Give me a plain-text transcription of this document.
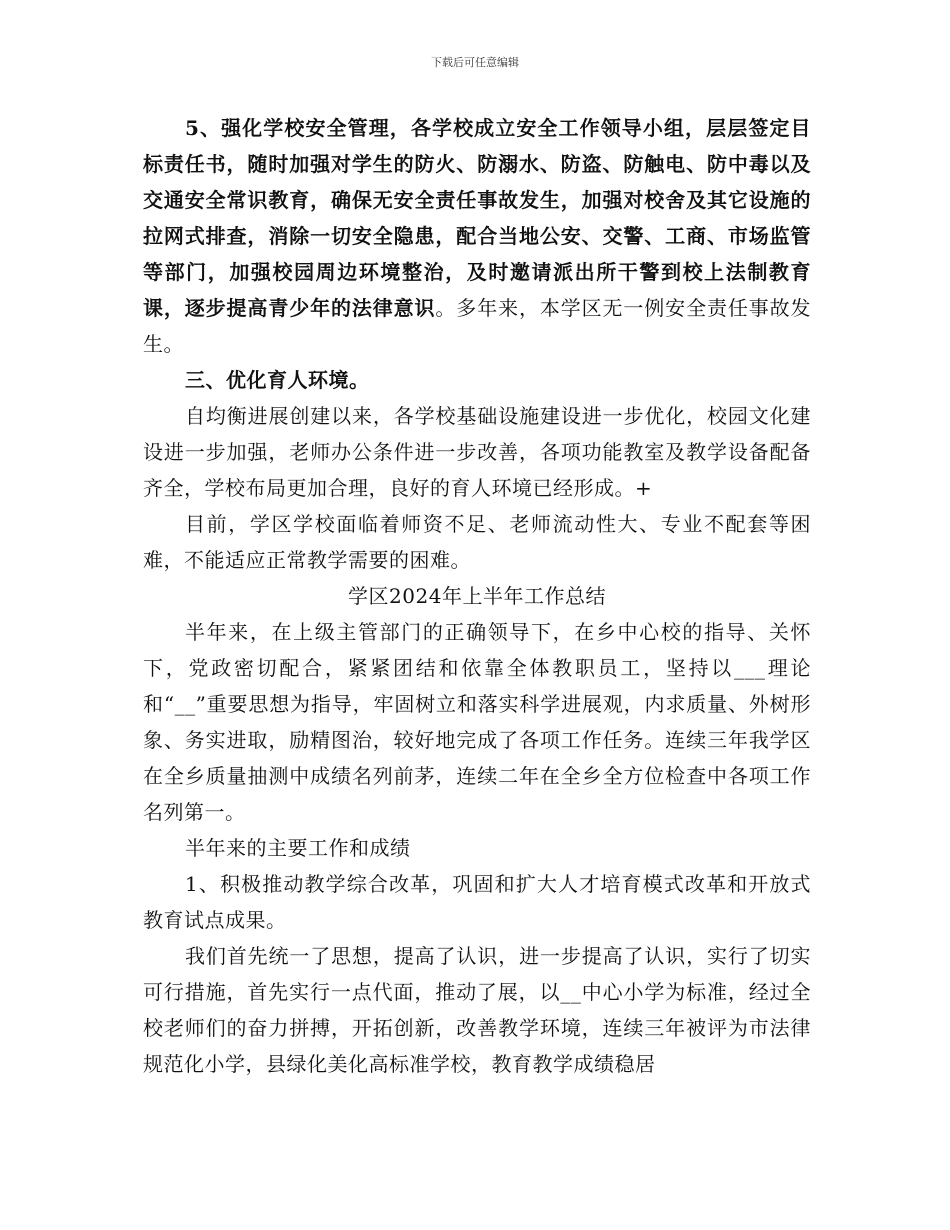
下载后可任意编辑

5、强化学校安全管理，各学校成立安全工作领导小组，层层签定目标责任书，随时加强对学生的防火、防溺水、防盗、防触电、防中毒以及交通安全常识教育，确保无安全责任事故发生，加强对校舍及其它设施的拉网式排查，消除一切安全隐患，配合当地公安、交警、工商、市场监管等部门，加强校园周边环境整治，及时邀请派出所干警到校上法制教育课，逐步提高青少年的法律意识。多年来，本学区无一例安全责任事故发生。

三、优化育人环境。

自均衡进展创建以来，各学校基础设施建设进一步优化，校园文化建设进一步加强，老师办公条件进一步改善，各项功能教室及教学设备配备齐全，学校布局更加合理，良好的育人环境已经形成。+

目前，学区学校面临着师资不足、老师流动性大、专业不配套等困难，不能适应正常教学需要的困难。

学区2024年上半年工作总结

半年来，在上级主管部门的正确领导下，在乡中心校的指导、关怀下，党政密切配合，紧紧团结和依靠全体教职员工，坚持以___理论和“__”重要思想为指导，牢固树立和落实科学进展观，内求质量、外树形象、务实进取，励精图治，较好地完成了各项工作任务。连续三年我学区在全乡质量抽测中成绩名列前茅，连续二年在全乡全方位检查中各项工作名列第一。

半年来的主要工作和成绩

1、积极推动教学综合改革，巩固和扩大人才培育模式改革和开放式教育试点成果。

我们首先统一了思想，提高了认识，进一步提高了认识，实行了切实可行措施，首先实行一点代面，推动了展，以__中心小学为标准，经过全校老师们的奋力拼搏，开拓创新，改善教学环境，连续三年被评为市法律规范化小学，县绿化美化高标准学校，教育教学成绩稳居
